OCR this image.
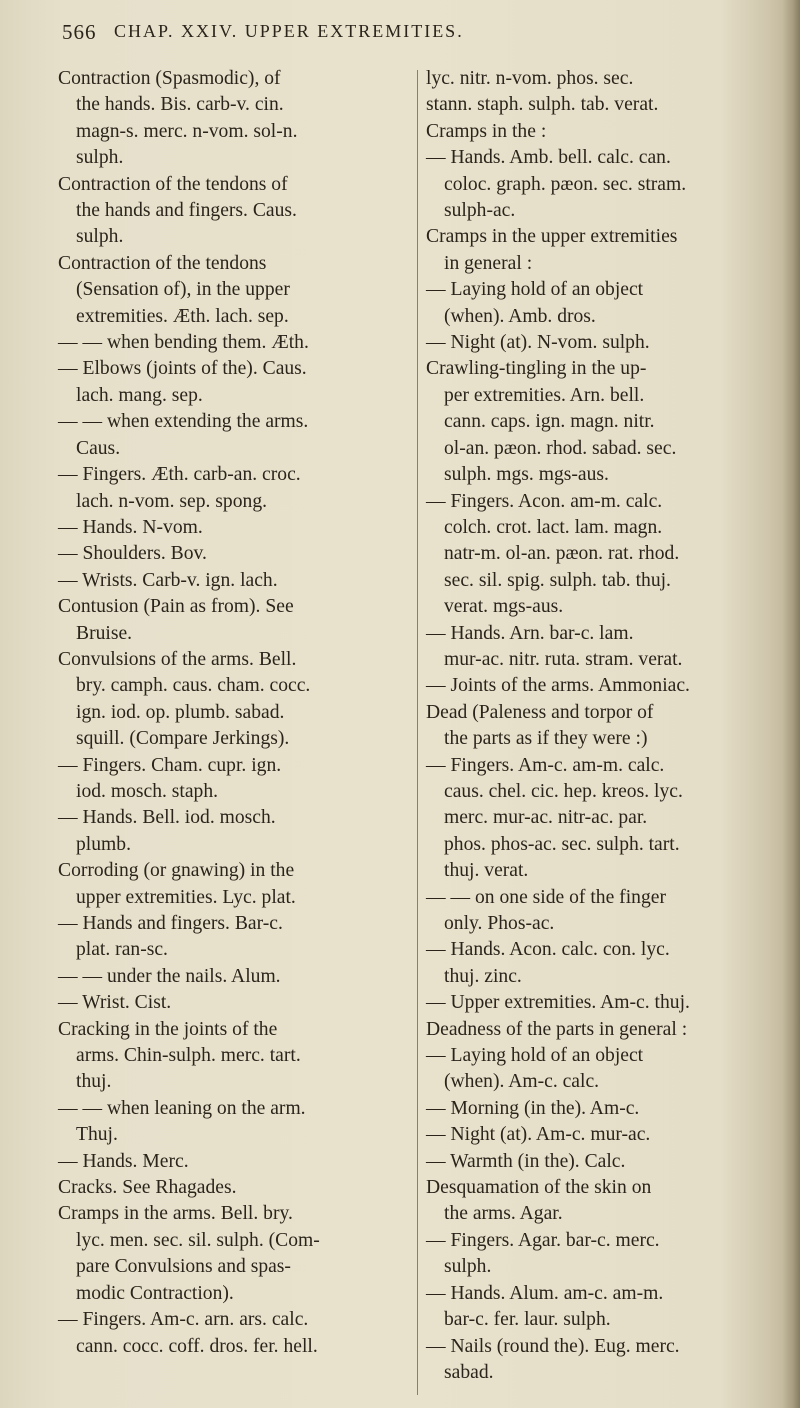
566 CHAP. XXIV. UPPER EXTREMITIES.
Contraction (Spasmodic), of
the hands. Bis. carb-v. cin.
magn-s. merc. n-vom. sol-n.
sulph.
Contraction of the tendons of
the hands and fingers. Caus.
sulph.
Contraction of the tendons
(Sensation of), in the upper
extremities. Æth. lach. sep.
— — when bending them. Æth.
— Elbows (joints of the). Caus.
lach. mang. sep.
— — when extending the arms.
Caus.
— Fingers. Æth. carb-an. croc.
lach. n-vom. sep. spong.
— Hands. N-vom.
— Shoulders. Bov.
— Wrists. Carb-v. ign. lach.
Contusion (Pain as from). See
Bruise.
Convulsions of the arms. Bell.
bry. camph. caus. cham. cocc.
ign. iod. op. plumb. sabad.
squill. (Compare Jerkings).
— Fingers. Cham. cupr. ign.
iod. mosch. staph.
— Hands. Bell. iod. mosch.
plumb.
Corroding (or gnawing) in the
upper extremities. Lyc. plat.
— Hands and fingers. Bar-c.
plat. ran-sc.
— — under the nails. Alum.
— Wrist. Cist.
Cracking in the joints of the
arms. Chin-sulph. merc. tart.
thuj.
— — when leaning on the arm.
Thuj.
— Hands. Merc.
Cracks. See Rhagades.
Cramps in the arms. Bell. bry.
lyc. men. sec. sil. sulph. (Com-
pare Convulsions and spas-
modic Contraction).
— Fingers. Am-c. arn. ars. calc.
cann. cocc. coff. dros. fer. hell.
lyc. nitr. n-vom. phos. sec.
stann. staph. sulph. tab. verat.
Cramps in the :
— Hands. Amb. bell. calc. can.
coloc. graph. pæon. sec. stram.
sulph-ac.
Cramps in the upper extremities
in general :
— Laying hold of an object
(when). Amb. dros.
— Night (at). N-vom. sulph.
Crawling-tingling in the up-
per extremities. Arn. bell.
cann. caps. ign. magn. nitr.
ol-an. pæon. rhod. sabad. sec.
sulph. mgs. mgs-aus.
— Fingers. Acon. am-m. calc.
colch. crot. lact. lam. magn.
natr-m. ol-an. pæon. rat. rhod.
sec. sil. spig. sulph. tab. thuj.
verat. mgs-aus.
— Hands. Arn. bar-c. lam.
mur-ac. nitr. ruta. stram. verat.
— Joints of the arms. Ammoniac.
Dead (Paleness and torpor of
the parts as if they were :)
— Fingers. Am-c. am-m. calc.
caus. chel. cic. hep. kreos. lyc.
merc. mur-ac. nitr-ac. par.
phos. phos-ac. sec. sulph. tart.
thuj. verat.
— — on one side of the finger
only. Phos-ac.
— Hands. Acon. calc. con. lyc.
thuj. zinc.
— Upper extremities. Am-c. thuj.
Deadness of the parts in general :
— Laying hold of an object
(when). Am-c. calc.
— Morning (in the). Am-c.
— Night (at). Am-c. mur-ac.
— Warmth (in the). Calc.
Desquamation of the skin on
the arms. Agar.
— Fingers. Agar. bar-c. merc.
sulph.
— Hands. Alum. am-c. am-m.
bar-c. fer. laur. sulph.
— Nails (round the). Eug. merc.
sabad.
